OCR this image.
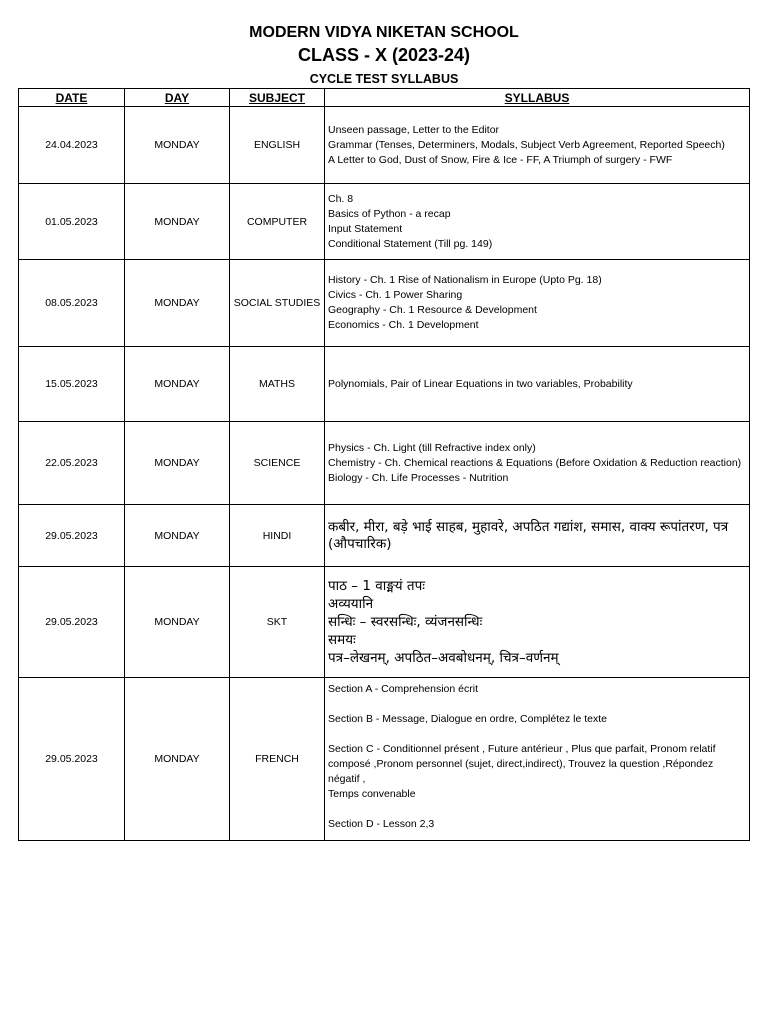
MODERN VIDYA NIKETAN SCHOOL
CLASS - X (2023-24)
CYCLE TEST SYLLABUS
DATE	DAY	SUBJECT	SYLLABUS
24.04.2023	MONDAY	ENGLISH	Unseen passage, Letter to the Editor
Grammar (Tenses, Determiners, Modals, Subject Verb Agreement, Reported Speech)
A Letter to God, Dust of Snow, Fire & Ice - FF, A Triumph of surgery - FWF

01.05.2023	MONDAY	COMPUTER	Ch. 8
Basics of Python - a recap
Input Statement
Conditional Statement (Till pg. 149)

08.05.2023	MONDAY	SOCIAL STUDIES	History - Ch. 1 Rise of Nationalism in Europe (Upto Pg. 18)
Civics - Ch. 1 Power Sharing
Geography - Ch. 1 Resource & Development
Economics - Ch. 1 Development

15.05.2023	MONDAY	MATHS	Polynomials, Pair of Linear Equations in two variables, Probability

22.05.2023	MONDAY	SCIENCE	Physics - Ch. Light (till Refractive index only)
Chemistry - Ch. Chemical reactions & Equations (Before Oxidation & Reduction reaction)
Biology - Ch. Life Processes - Nutrition

29.05.2023	MONDAY	HINDI	कबीर, मीरा, बड़े भाई साहब, मुहावरे, अपठित गद्यांश, समास, वाक्य रूपांतरण, पत्र (औपचारिक)

29.05.2023	MONDAY	SKT	पाठ – 1 वाङ्मयं तपः
अव्ययानि
सन्धिः – स्वरसन्धिः, व्यंजनसन्धिः
समयः
पत्र–लेखनम्, अपठित–अवबोधनम्, चित्र–वर्णनम्

29.05.2023	MONDAY	FRENCH	Section A - Comprehension écrit
Section B - Message, Dialogue en ordre, Complétez le texte
Section C - Conditionnel présent , Future antérieur , Plus que parfait, Pronom relatif composé ,Pronom personnel (sujet, direct,indirect), Trouvez la question ,Répondez négatif ,
Temps convenable
Section D - Lesson 2,3
